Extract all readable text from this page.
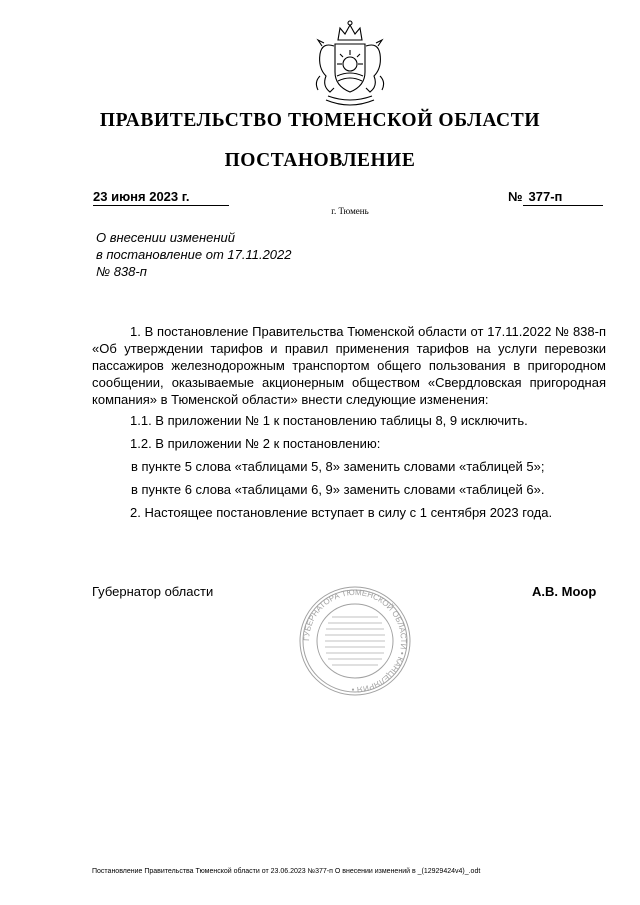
ПРАВИТЕЛЬСТВО ТЮМЕНСКОЙ ОБЛАСТИ
ПОСТАНОВЛЕНИЕ
23 июня 2023 г.	№ 377-п
г. Тюмень
О внесении изменений
в постановление от 17.11.2022
№ 838-п

1. В постановление Правительства Тюменской области от 17.11.2022 № 838-п «Об утверждении тарифов и правил применения тарифов на услуги перевозки пассажиров железнодорожным транспортом общего пользования в пригородном сообщении, оказываемые акционерным обществом «Свердловская пригородная компания» в Тюменской области» внести следующие изменения:

1.1. В приложении № 1 к постановлению таблицы 8, 9 исключить.

1.2. В приложении № 2 к постановлению:

в пункте 5 слова «таблицами 5, 8» заменить словами «таблицей 5»;

в пункте 6 слова «таблицами 6, 9» заменить словами «таблицей 6».

2. Настоящее постановление вступает в силу с 1 сентября 2023 года.

Губернатор области	А.В. Моор
ГУБЕРНАТОРА ТЮМЕНСКОЙ ОБЛАСТИ • КАНЦЕЛЯРИЯ •
Постановление Правительства Тюменской области от 23.06.2023 №377-п О внесении изменений в _(12929424v4)_.odt
